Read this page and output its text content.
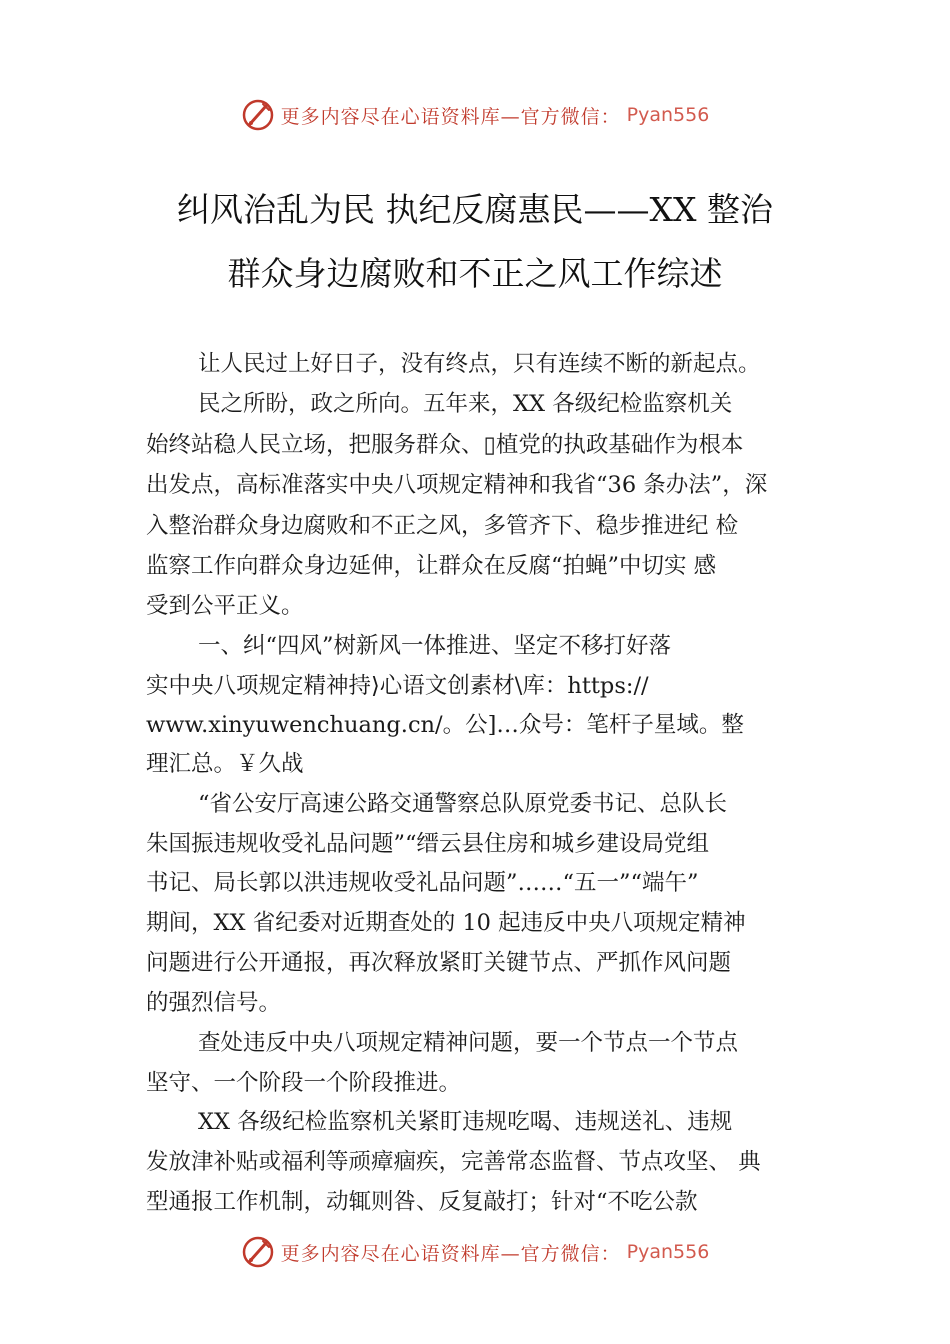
更多内容尽在心语资料库—官方微信： Pyan556
纠风治乱为民 执纪反腐惠民——XX 整治
群众身边腐败和不正之风工作综述
让人民过上好日子，没有终点，只有连续不断的新起点。
民之所盼，政之所向。五年来，XX 各级纪检监察机关
始终站稳人民立场，把服务群众、▯植党的执政基础作为根本
出发点，高标准落实中央八项规定精神和我省“36 条办法”，深
入整治群众身边腐败和不正之风，多管齐下、稳步推进纪 检
监察工作向群众身边延伸，让群众在反腐“拍蝇”中切实 感
受到公平正义。
一、纠“四风”树新风一体推进、坚定不移打好落
实中央八项规定精神持⟩心语文创素材\库：https://
www.xinyuwenchuang.cn/。公]…众号：笔杆子星域。整
理汇总。￥久战
“省公安厅高速公路交通警察总队原党委书记、总队长
朱国振违规收受礼品问题”“缙云县住房和城乡建设局党组
书记、局长郭以洪违规收受礼品问题”……“五一”“端午”
期间，XX 省纪委对近期查处的 10 起违反中央八项规定精神
问题进行公开通报，再次释放紧盯关键节点、严抓作风问题
的强烈信号。
查处违反中央八项规定精神问题，要一个节点一个节点
坚守、一个阶段一个阶段推进。
XX 各级纪检监察机关紧盯违规吃喝、违规送礼、违规
发放津补贴或福利等顽瘴痼疾，完善常态监督、节点攻坚、 典
型通报工作机制，动辄则咎、反复敲打；针对“不吃公款
更多内容尽在心语资料库—官方微信： Pyan556
